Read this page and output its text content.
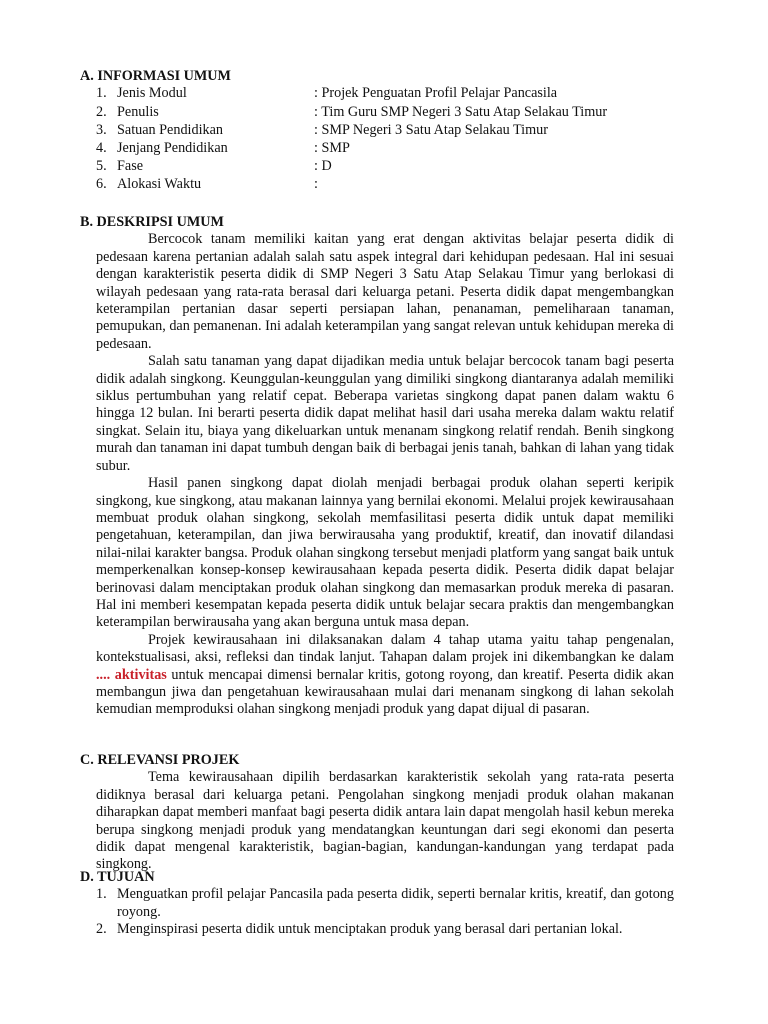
A. INFORMASI UMUM
1. Jenis Modul	: Projek Penguatan Profil Pelajar Pancasila
2. Penulis	: Tim Guru SMP Negeri 3 Satu Atap Selakau Timur
3. Satuan Pendidikan	: SMP Negeri 3 Satu Atap Selakau Timur
4. Jenjang Pendidikan	: SMP
5. Fase	: D
6. Alokasi Waktu	:
B. DESKRIPSI UMUM

Bercocok tanam memiliki kaitan yang erat dengan aktivitas belajar peserta didik di pedesaan karena pertanian adalah salah satu aspek integral dari kehidupan pedesaan. Hal ini sesuai dengan karakteristik peserta didik di SMP Negeri 3 Satu Atap Selakau Timur yang berlokasi di wilayah pedesaan yang rata-rata berasal dari keluarga petani. Peserta didik dapat mengembangkan keterampilan pertanian dasar seperti persiapan lahan, penanaman, pemeliharaan tanaman, pemupukan, dan pemanenan. Ini adalah keterampilan yang sangat relevan untuk kehidupan mereka di pedesaan.

Salah satu tanaman yang dapat dijadikan media untuk belajar bercocok tanam bagi peserta didik adalah singkong. Keunggulan-keunggulan yang dimiliki singkong diantaranya adalah memiliki siklus pertumbuhan yang relatif cepat. Beberapa varietas singkong dapat panen dalam waktu 6 hingga 12 bulan. Ini berarti peserta didik dapat melihat hasil dari usaha mereka dalam waktu relatif singkat. Selain itu, biaya yang dikeluarkan untuk menanam singkong relatif rendah. Benih singkong murah dan tanaman ini dapat tumbuh dengan baik di berbagai jenis tanah, bahkan di lahan yang tidak subur.

Hasil panen singkong dapat diolah menjadi berbagai produk olahan seperti keripik singkong, kue singkong, atau makanan lainnya yang bernilai ekonomi. Melalui projek kewirausahaan membuat produk olahan singkong, sekolah memfasilitasi peserta didik untuk dapat memiliki pengetahuan, keterampilan, dan jiwa berwirausaha yang produktif, kreatif, dan inovatif dilandasi nilai-nilai karakter bangsa. Produk olahan singkong tersebut menjadi platform yang sangat baik untuk memperkenalkan konsep-konsep kewirausahaan kepada peserta didik. Peserta didik dapat belajar berinovasi dalam menciptakan produk olahan singkong dan memasarkan produk mereka di pasaran. Hal ini memberi kesempatan kepada peserta didik untuk belajar secara praktis dan mengembangkan keterampilan berwirausaha yang akan berguna untuk masa depan.

Projek kewirausahaan ini dilaksanakan dalam 4 tahap utama yaitu tahap pengenalan, kontekstualisasi, aksi, refleksi dan tindak lanjut. Tahapan dalam projek ini dikembangkan ke dalam .... aktivitas untuk mencapai dimensi bernalar kritis, gotong royong, dan kreatif. Peserta didik akan membangun jiwa dan pengetahuan kewirausahaan mulai dari menanam singkong di lahan sekolah kemudian memproduksi olahan singkong menjadi produk yang dapat dijual di pasaran.

C. RELEVANSI PROJEK

Tema kewirausahaan dipilih berdasarkan karakteristik sekolah yang rata-rata peserta didiknya berasal dari keluarga petani. Pengolahan singkong menjadi produk olahan makanan diharapkan dapat memberi manfaat bagi peserta didik antara lain dapat mengolah hasil kebun mereka berupa singkong menjadi produk yang mendatangkan keuntungan dari segi ekonomi dan peserta didik dapat mengenal karakteristik, bagian-bagian, kandungan-kandungan yang terdapat pada singkong.

D. TUJUAN
1. Menguatkan profil pelajar Pancasila pada peserta didik, seperti bernalar kritis, kreatif, dan gotong royong.
2. Menginspirasi peserta didik untuk menciptakan produk yang berasal dari pertanian lokal.
